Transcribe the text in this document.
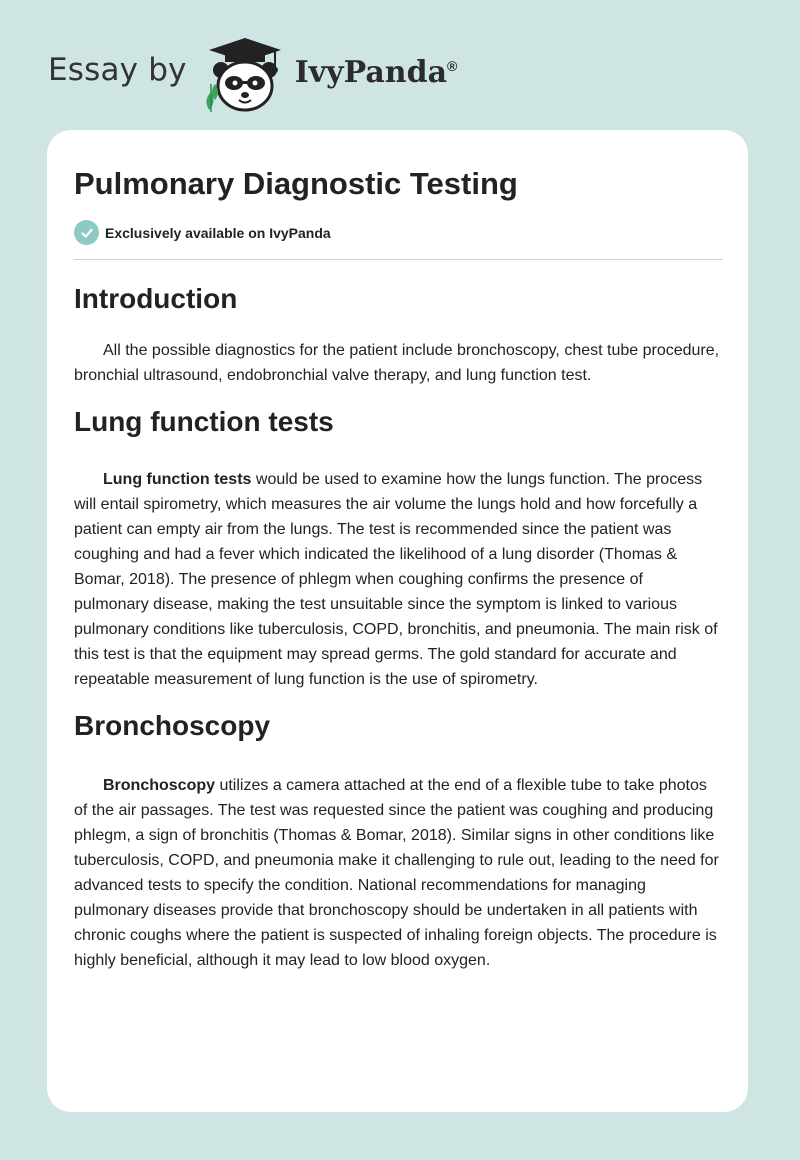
Essay by	IvyPanda®
Pulmonary Diagnostic Testing
Exclusively available on IvyPanda
Introduction

All the possible diagnostics for the patient include bronchoscopy, chest tube procedure, bronchial ultrasound, endobronchial valve therapy, and lung function test.

Lung function tests

Lung function tests would be used to examine how the lungs function. The process will entail spirometry, which measures the air volume the lungs hold and how forcefully a patient can empty air from the lungs. The test is recommended since the patient was coughing and had a fever which indicated the likelihood of a lung disorder (Thomas & Bomar, 2018). The presence of phlegm when coughing confirms the presence of pulmonary disease, making the test unsuitable since the symptom is linked to various pulmonary conditions like tuberculosis, COPD, bronchitis, and pneumonia. The main risk of this test is that the equipment may spread germs. The gold standard for accurate and repeatable measurement of lung function is the use of spirometry.

Bronchoscopy

Bronchoscopy utilizes a camera attached at the end of a flexible tube to take photos of the air passages. The test was requested since the patient was coughing and producing phlegm, a sign of bronchitis (Thomas & Bomar, 2018). Similar signs in other conditions like tuberculosis, COPD, and pneumonia make it challenging to rule out, leading to the need for advanced tests to specify the condition. National recommendations for managing pulmonary diseases provide that bronchoscopy should be undertaken in all patients with chronic coughs where the patient is suspected of inhaling foreign objects. The procedure is highly beneficial, although it may lead to low blood oxygen.
